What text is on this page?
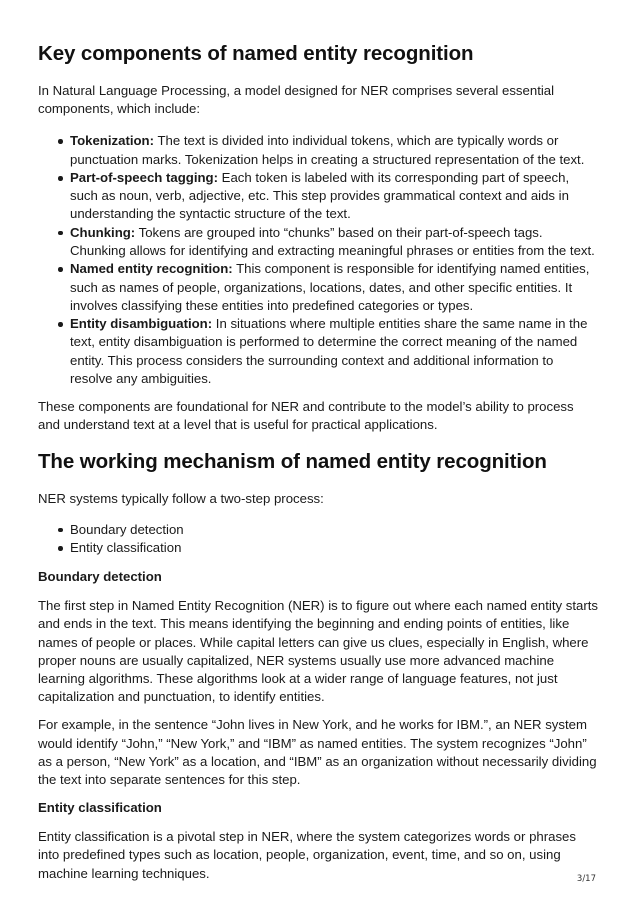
Key components of named entity recognition

In Natural Language Processing, a model designed for NER comprises several essential components, which include:

Tokenization: The text is divided into individual tokens, which are typically words or punctuation marks. Tokenization helps in creating a structured representation of the text.
Part-of-speech tagging: Each token is labeled with its corresponding part of speech, such as noun, verb, adjective, etc. This step provides grammatical context and aids in understanding the syntactic structure of the text.
Chunking: Tokens are grouped into “chunks” based on their part-of-speech tags. Chunking allows for identifying and extracting meaningful phrases or entities from the text.
Named entity recognition: This component is responsible for identifying named entities, such as names of people, organizations, locations, dates, and other specific entities. It involves classifying these entities into predefined categories or types.
Entity disambiguation: In situations where multiple entities share the same name in the text, entity disambiguation is performed to determine the correct meaning of the named entity. This process considers the surrounding context and additional information to resolve any ambiguities.

These components are foundational for NER and contribute to the model’s ability to process and understand text at a level that is useful for practical applications.

The working mechanism of named entity recognition

NER systems typically follow a two-step process:

Boundary detection
Entity classification
Boundary detection

The first step in Named Entity Recognition (NER) is to figure out where each named entity starts and ends in the text. This means identifying the beginning and ending points of entities, like names of people or places. While capital letters can give us clues, especially in English, where proper nouns are usually capitalized, NER systems usually use more advanced machine learning algorithms. These algorithms look at a wider range of language features, not just capitalization and punctuation, to identify entities.

For example, in the sentence “John lives in New York, and he works for IBM.”, an NER system would identify “John,” “New York,” and “IBM” as named entities. The system recognizes “John” as a person, “New York” as a location, and “IBM” as an organization without necessarily dividing the text into separate sentences for this step.

Entity classification

Entity classification is a pivotal step in NER, where the system categorizes words or phrases into predefined types such as location, people, organization, event, time, and so on, using machine learning techniques.	3/17
